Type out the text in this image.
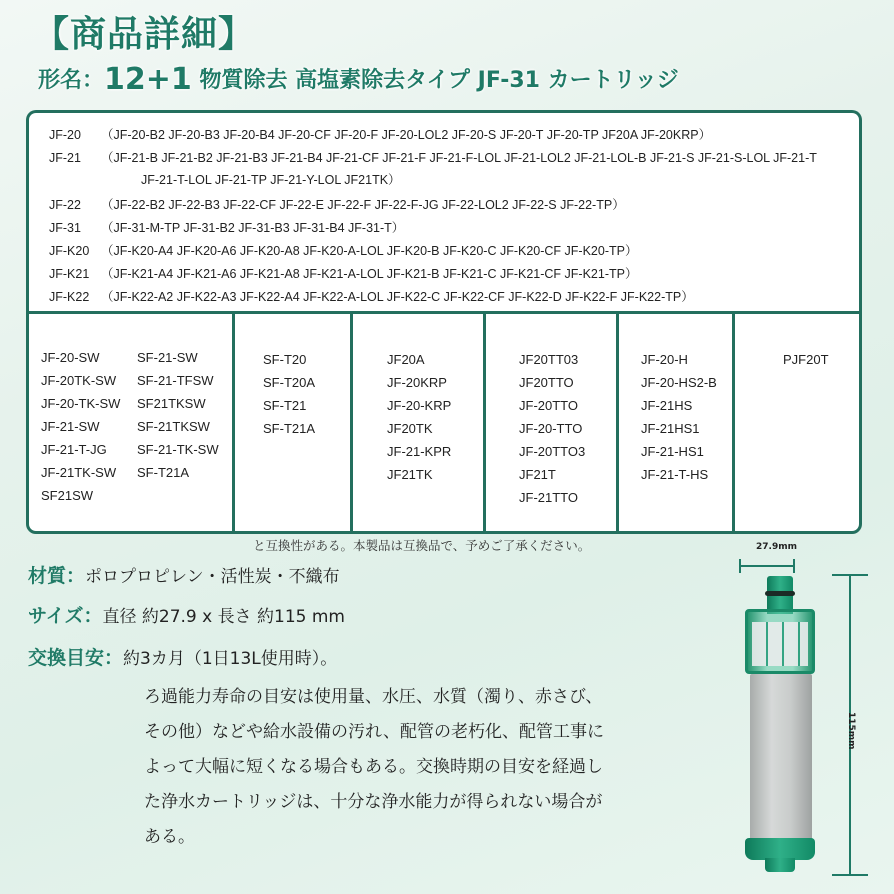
【商品詳細】
形名：12+1 物質除去 高塩素除去タイプ JF-31 カートリッジ
JF-20 （JF-20-B2 JF-20-B3 JF-20-B4 JF-20-CF JF-20-F JF-20-LOL2 JF-20-S JF-20-T JF-20-TP JF20A JF-20KRP）
JF-21 （JF-21-B JF-21-B2 JF-21-B3 JF-21-B4 JF-21-CF JF-21-F JF-21-F-LOL JF-21-LOL2 JF-21-LOL-B JF-21-S JF-21-S-LOL JF-21-T
JF-21-T-LOL JF-21-TP JF-21-Y-LOL JF21TK）
JF-22 （JF-22-B2 JF-22-B3 JF-22-CF JF-22-E JF-22-F JF-22-F-JG JF-22-LOL2 JF-22-S JF-22-TP）
JF-31 （JF-31-M-TP JF-31-B2 JF-31-B3 JF-31-B4 JF-31-T）
JF-K20 （JF-K20-A4 JF-K20-A6 JF-K20-A8 JF-K20-A-LOL JF-K20-B JF-K20-C JF-K20-CF JF-K20-TP）
JF-K21 （JF-K21-A4 JF-K21-A6 JF-K21-A8 JF-K21-A-LOL JF-K21-B JF-K21-C JF-K21-CF JF-K21-TP）
JF-K22 （JF-K22-A2 JF-K22-A3 JF-K22-A4 JF-K22-A-LOL JF-K22-C JF-K22-CF JF-K22-D JF-K22-F JF-K22-TP）
JF-20-SW
JF-20TK-SW
JF-20-TK-SW
JF-21-SW
JF-21-T-JG
JF-21TK-SW
SF21SW
SF-21-SW
SF-21-TFSW
SF21TKSW
SF-21TKSW
SF-21-TK-SW
SF-T21A
SF-T20
SF-T20A
SF-T21
SF-T21A
JF20A
JF-20KRP
JF-20-KRP
JF20TK
JF-21-KPR
JF21TK
JF20TT03
JF20TTO
JF-20TTO
JF-20-TTO
JF-20TTO3
JF21T
JF-21TTO
JF-20-H
JF-20-HS2-B
JF-21HS
JF-21HS1
JF-21-HS1
JF-21-T-HS
PJF20T
と互換性がある。本製品は互換品で、予めご了承ください。
材質：ポロプロピレン・活性炭・不織布
サイズ：直径 約27.9 x 長さ 約115 mm
交換目安：約3カ月（1日13L使用時）。
ろ過能力寿命の目安は使用量、水圧、水質（濁り、赤さび、
その他）などや給水設備の汚れ、配管の老朽化、配管工事に
よって大幅に短くなる場合もある。交換時期の目安を経過し
た浄水カートリッジは、十分な浄水能力が得られない場合が
ある。
27.9mm
115mm
